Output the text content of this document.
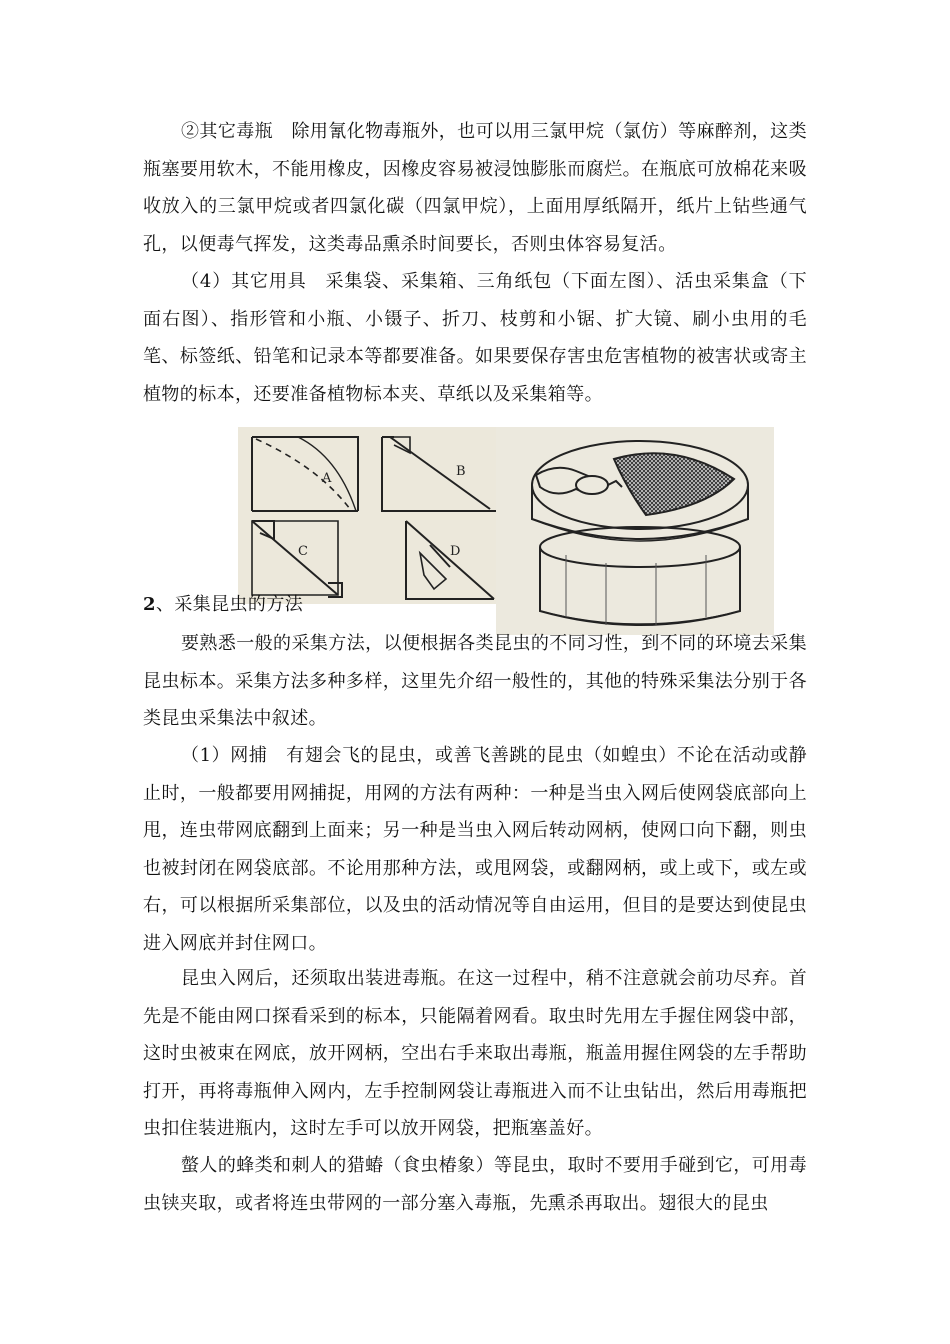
②其它毒瓶　除用氰化物毒瓶外，也可以用三氯甲烷（氯仿）等麻醉剂，这类瓶塞要用软木，不能用橡皮，因橡皮容易被浸蚀膨胀而腐烂。在瓶底可放棉花来吸收放入的三氯甲烷或者四氯化碳（四氯甲烷），上面用厚纸隔开，纸片上钻些通气孔，以便毒气挥发，这类毒品熏杀时间要长，否则虫体容易复活。

（4）其它用具　采集袋、采集箱、三角纸包（下面左图）、活虫采集盒（下面右图）、指形管和小瓶、小镊子、折刀、枝剪和小锯、扩大镜、刷小虫用的毛笔、标签纸、铅笔和记录本等都要准备。如果要保存害虫危害植物的被害状或寄主植物的标本，还要准备植物标本夹、草纸以及采集箱等。

A	B
C	D
2、采集昆虫的方法

要熟悉一般的采集方法，以便根据各类昆虫的不同习性，到不同的环境去采集昆虫标本。采集方法多种多样，这里先介绍一般性的，其他的特殊采集法分别于各类昆虫采集法中叙述。

（1）网捕　有翅会飞的昆虫，或善飞善跳的昆虫（如蝗虫）不论在活动或静止时，一般都要用网捕捉，用网的方法有两种：一种是当虫入网后使网袋底部向上甩，连虫带网底翻到上面来；另一种是当虫入网后转动网柄，使网口向下翻，则虫也被封闭在网袋底部。不论用那种方法，或甩网袋，或翻网柄，或上或下，或左或右，可以根据所采集部位，以及虫的活动情况等自由运用，但目的是要达到使昆虫进入网底并封住网口。

昆虫入网后，还须取出装进毒瓶。在这一过程中，稍不注意就会前功尽弃。首先是不能由网口探看采到的标本，只能隔着网看。取虫时先用左手握住网袋中部，这时虫被束在网底，放开网柄，空出右手来取出毒瓶，瓶盖用握住网袋的左手帮助打开，再将毒瓶伸入网内，左手控制网袋让毒瓶进入而不让虫钻出，然后用毒瓶把虫扣住装进瓶内，这时左手可以放开网袋，把瓶塞盖好。

螫人的蜂类和刺人的猎蝽（食虫椿象）等昆虫，取时不要用手碰到它，可用毒虫铗夹取，或者将连虫带网的一部分塞入毒瓶，先熏杀再取出。翅很大的昆虫
